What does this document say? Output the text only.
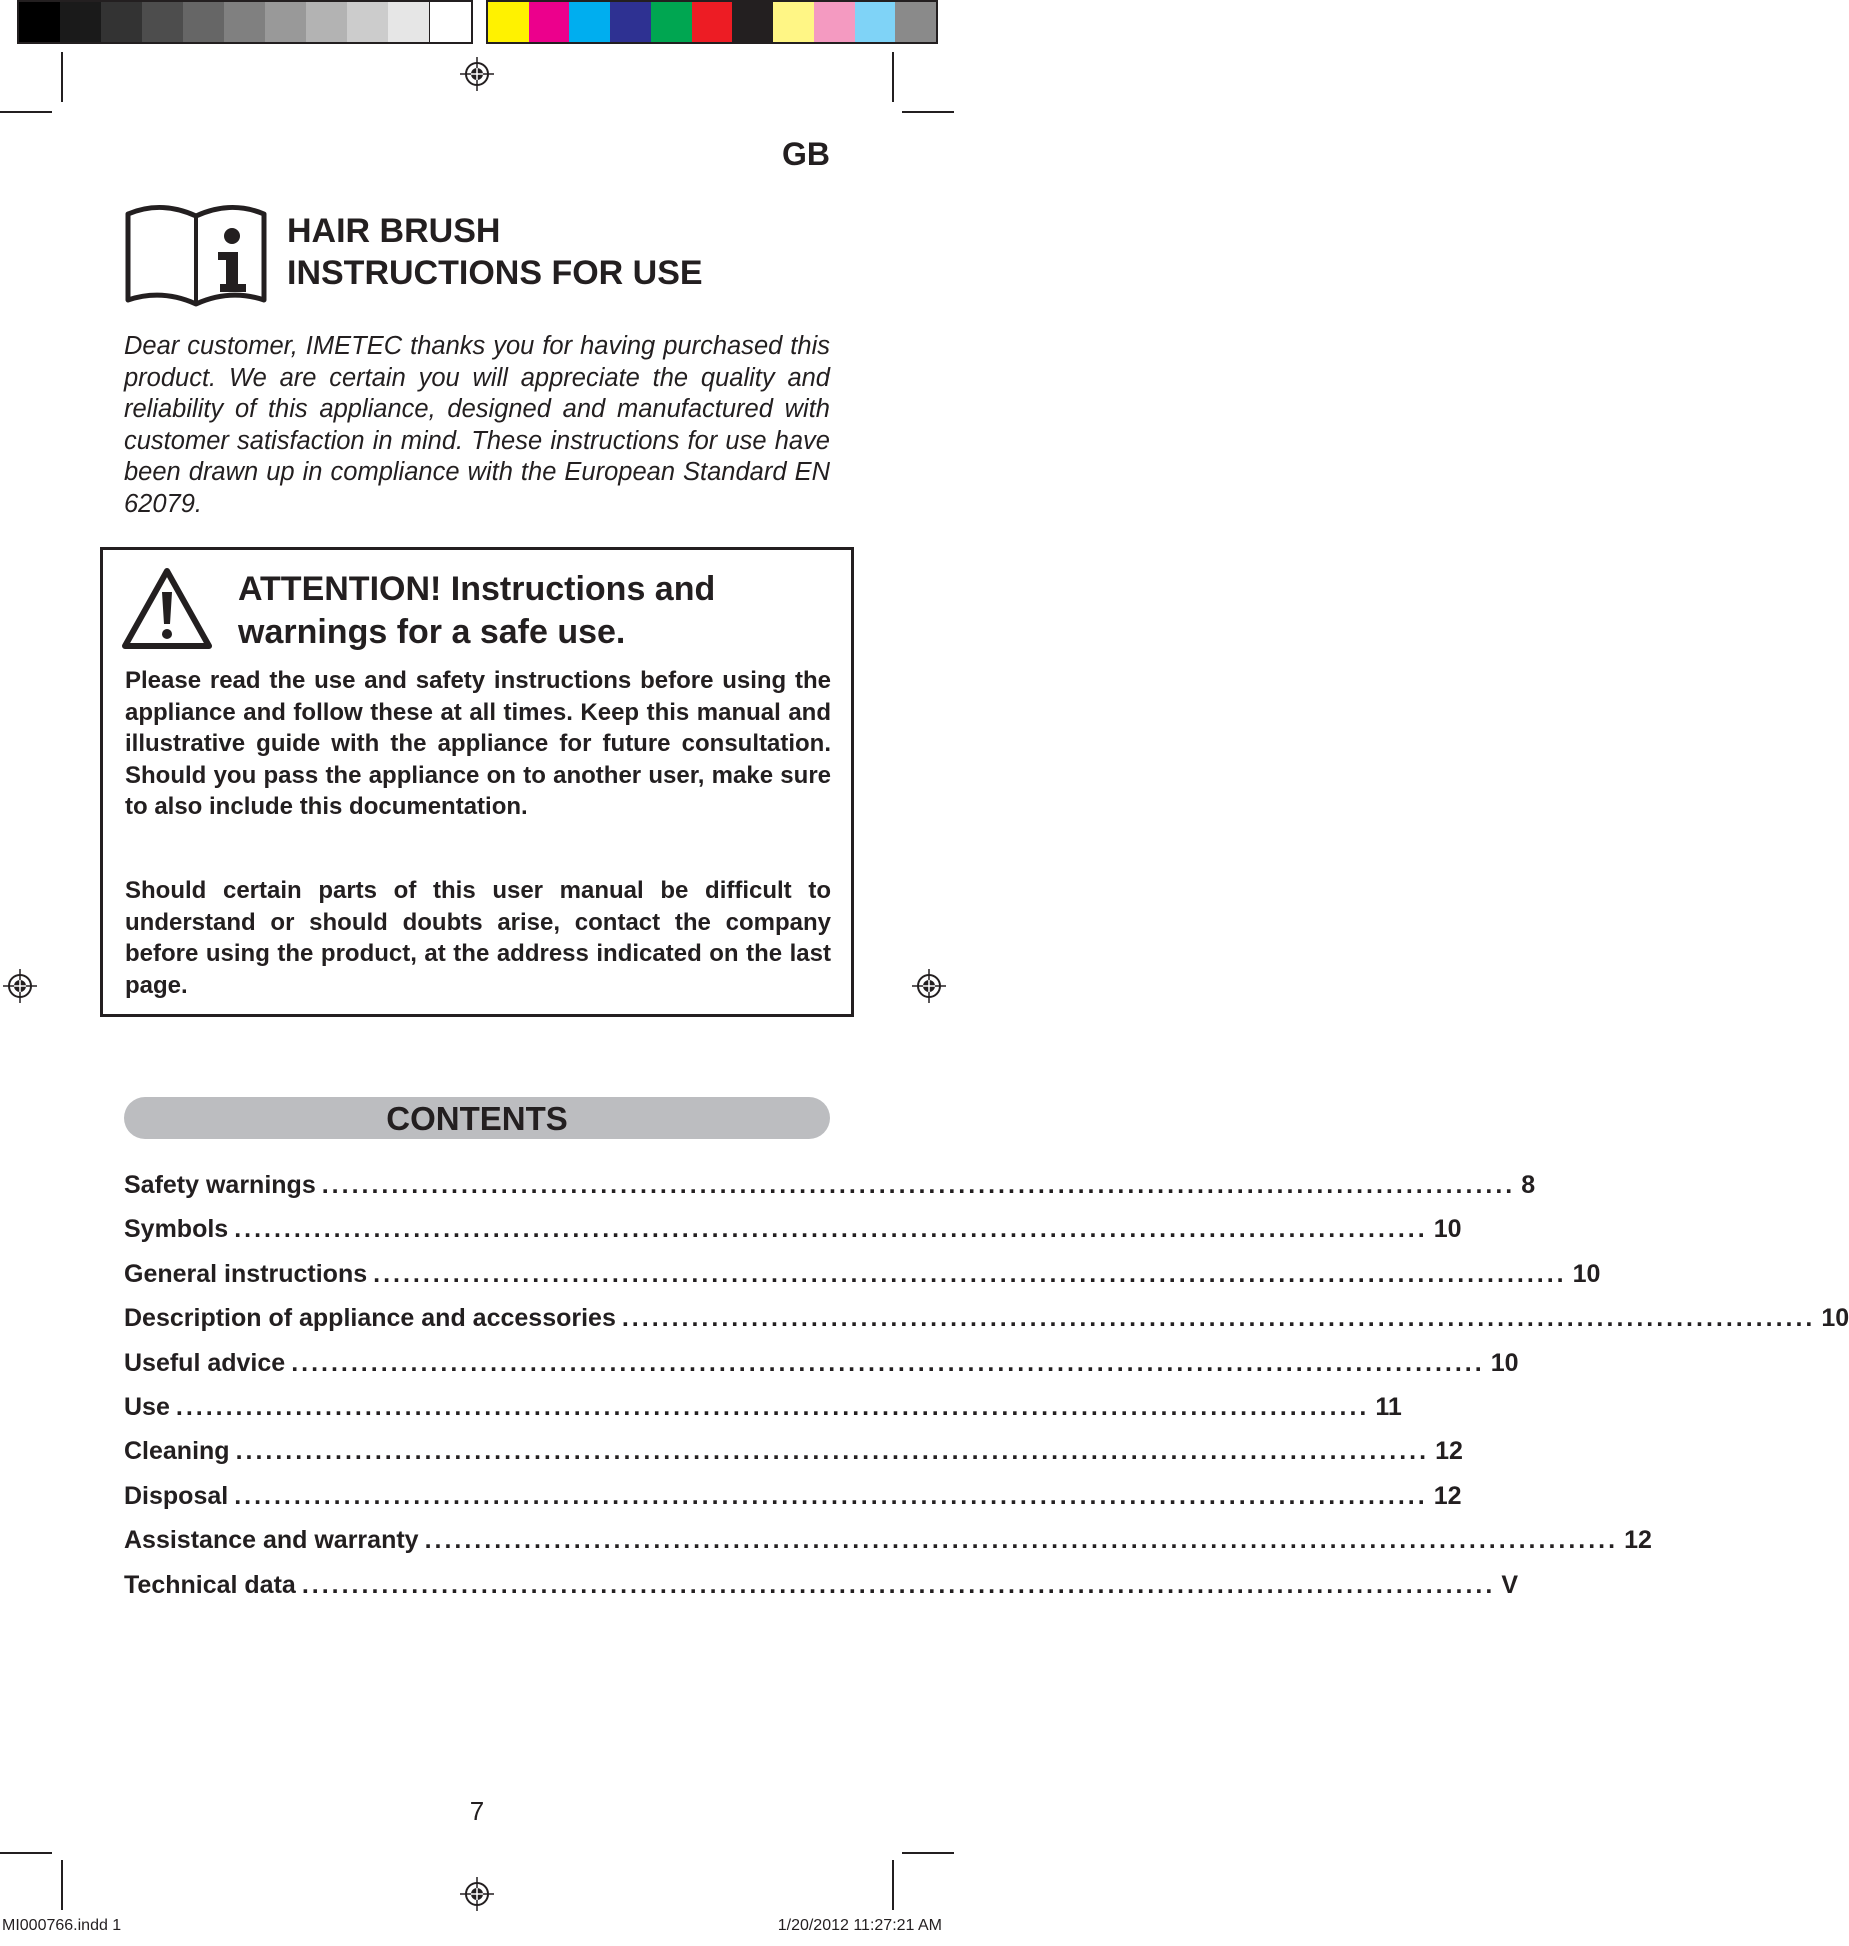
GB
HAIR BRUSH
INSTRUCTIONS FOR USE

Dear customer, IMETEC thanks you for having purchased this product. We are certain you will appreciate the quality and reliability of this appliance, designed and manufactured with customer satisfaction in mind. These instructions for use have been drawn up in compliance with the European Standard EN 62079.

ATTENTION! Instructions and
warnings for a safe use.

Please read the use and safety instructions before using the appliance and follow these at all times. Keep this manual and illustrative guide with the appliance for future consultation. Should you pass the appliance on to another user, make sure to also include this documentation.

Should certain parts of this user manual be difficult to understand or should doubts arise, contact the company before using the product, at the address indicated on the last page.

CONTENTS
Safety warnings ........................................................................................................................ 8
Symbols ........................................................................................................................ 10
General instructions ........................................................................................................................ 10
Description of appliance and accessories ........................................................................................................................ 10
Useful advice ........................................................................................................................ 10
Use ........................................................................................................................ 11
Cleaning ........................................................................................................................ 12
Disposal ........................................................................................................................ 12
Assistance and warranty ........................................................................................................................ 12
Technical data ........................................................................................................................ V
7
MI000766.indd 1	1/20/2012 11:27:21 AM
